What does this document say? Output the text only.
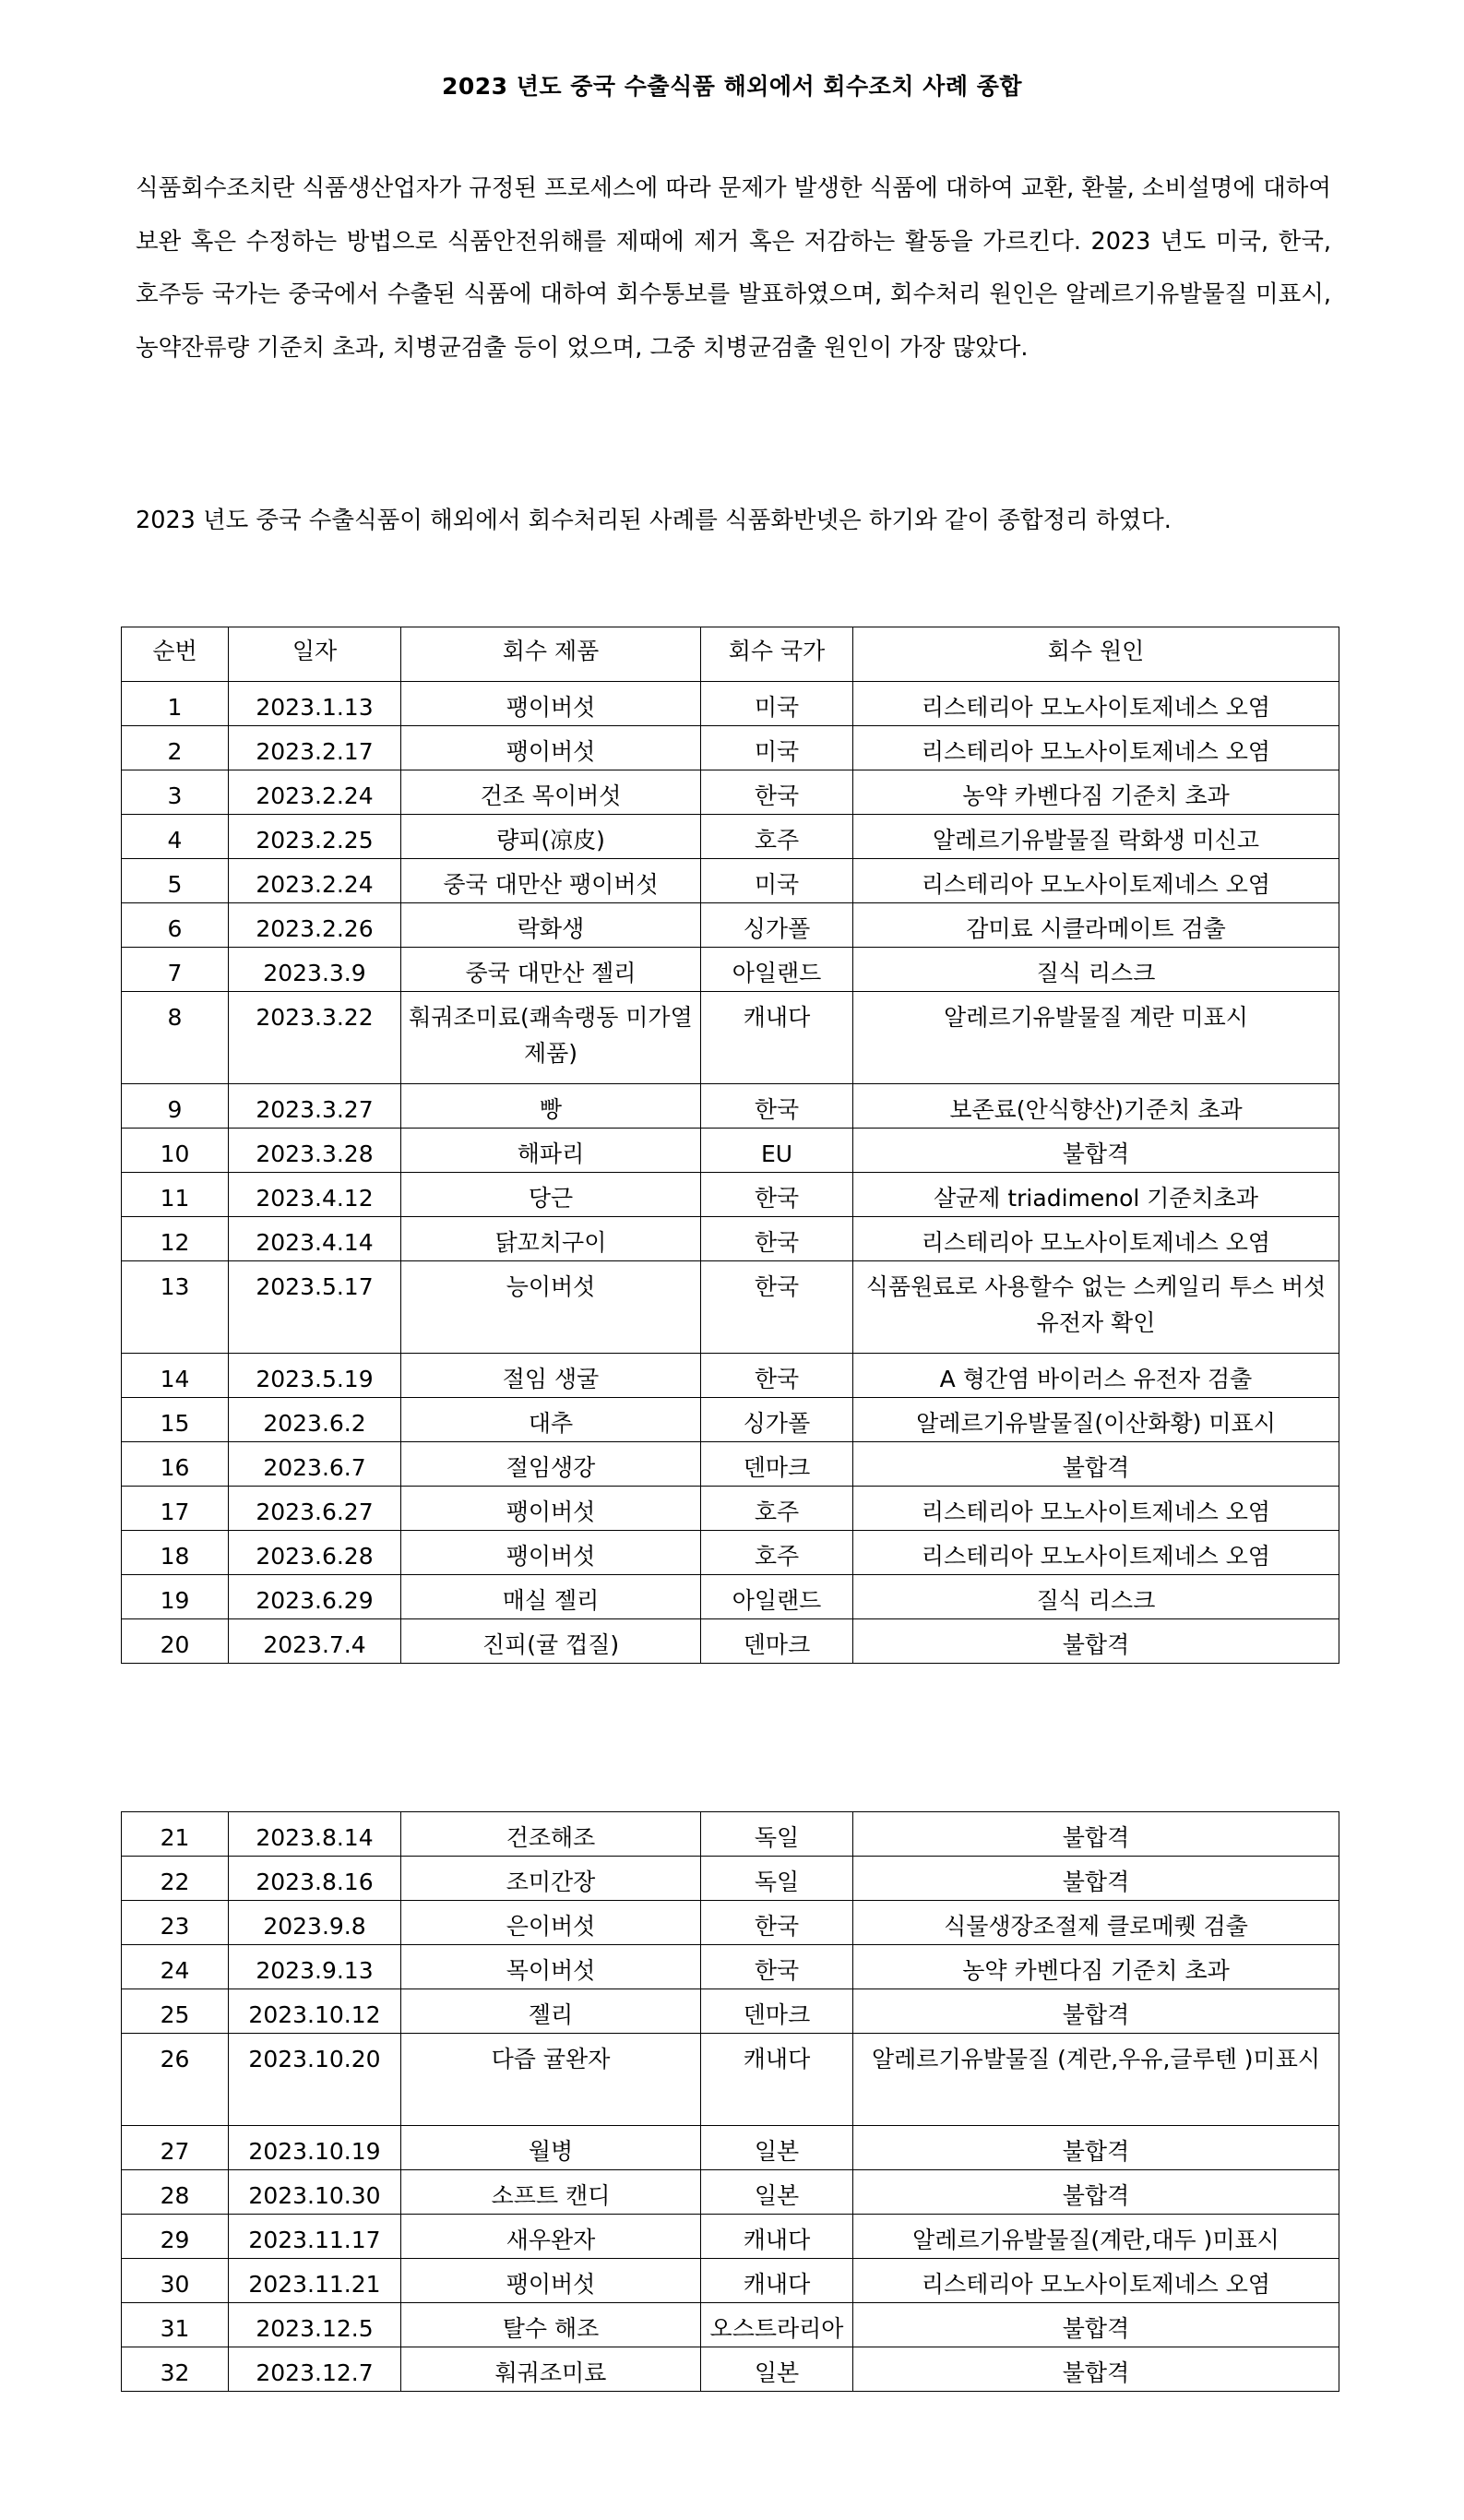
2023 년도 중국 수출식품 해외에서 회수조치 사례 종합
식품회수조치란 식품생산업자가 규정된 프로세스에 따라 문제가 발생한 식품에 대하여 교환, 환불, 소비설명에 대하여 보완 혹은 수정하는 방법으로 식품안전위해를 제때에 제거 혹은 저감하는 활동을 가르킨다. 2023 년도 미국, 한국, 호주등 국가는 중국에서 수출된 식품에 대하여 회수통보를 발표하였으며, 회수처리 원인은 알레르기유발물질 미표시, 농약잔류량 기준치 초과, 치병균검출 등이 었으며, 그중 치병균검출 원인이 가장 많았다.
2023 년도 중국 수출식품이 해외에서 회수처리된 사례를 식품화반넷은 하기와 같이 종합정리 하였다.
순번	일자	회수 제품	회수 국가	회수 원인
1	2023.1.13	팽이버섯	미국	리스테리아 모노사이토제네스 오염
2	2023.2.17	팽이버섯	미국	리스테리아 모노사이토제네스 오염
3	2023.2.24	건조 목이버섯	한국	농약 카벤다짐 기준치 초과
4	2023.2.25	량피(凉皮)	호주	알레르기유발물질 락화생 미신고
5	2023.2.24	중국 대만산 팽이버섯	미국	리스테리아 모노사이토제네스 오염
6	2023.2.26	락화생	싱가폴	감미료 시클라메이트 검출
7	2023.3.9	중국 대만산 젤리	아일랜드	질식 리스크
8	2023.3.22	훠궈조미료(쾌속랭동 미가열 제품)	캐내다	알레르기유발물질 계란 미표시
9	2023.3.27	빵	한국	보존료(안식향산)기준치 초과
10	2023.3.28	해파리	EU	불합격
11	2023.4.12	당근	한국	살균제 triadimenol 기준치초과
12	2023.4.14	닭꼬치구이	한국	리스테리아 모노사이토제네스 오염
13	2023.5.17	능이버섯	한국	식품원료로 사용할수 없는 스케일리 투스 버섯 유전자 확인
14	2023.5.19	절임 생굴	한국	A 형간염 바이러스 유전자 검출
15	2023.6.2	대추	싱가폴	알레르기유발물질(이산화황) 미표시
16	2023.6.7	절임생강	덴마크	불합격
17	2023.6.27	팽이버섯	호주	리스테리아 모노사이트제네스 오염
18	2023.6.28	팽이버섯	호주	리스테리아 모노사이트제네스 오염
19	2023.6.29	매실 젤리	아일랜드	질식 리스크
20	2023.7.4	진피(귤 껍질)	덴마크	불합격
21	2023.8.14	건조해조	독일	불합격
22	2023.8.16	조미간장	독일	불합격
23	2023.9.8	은이버섯	한국	식물생장조절제 클로메퀫 검출
24	2023.9.13	목이버섯	한국	농약 카벤다짐 기준치 초과
25	2023.10.12	젤리	덴마크	불합격
26	2023.10.20	다즙 귤완자	캐내다	알레르기유발물질 (계란,우유,글루텐 )미표시
27	2023.10.19	월병	일본	불합격
28	2023.10.30	소프트 캔디	일본	불합격
29	2023.11.17	새우완자	캐내다	알레르기유발물질(계란,대두 )미표시
30	2023.11.21	팽이버섯	캐내다	리스테리아 모노사이토제네스 오염
31	2023.12.5	탈수 해조	오스트라리아	불합격
32	2023.12.7	훠궈조미료	일본	불합격
